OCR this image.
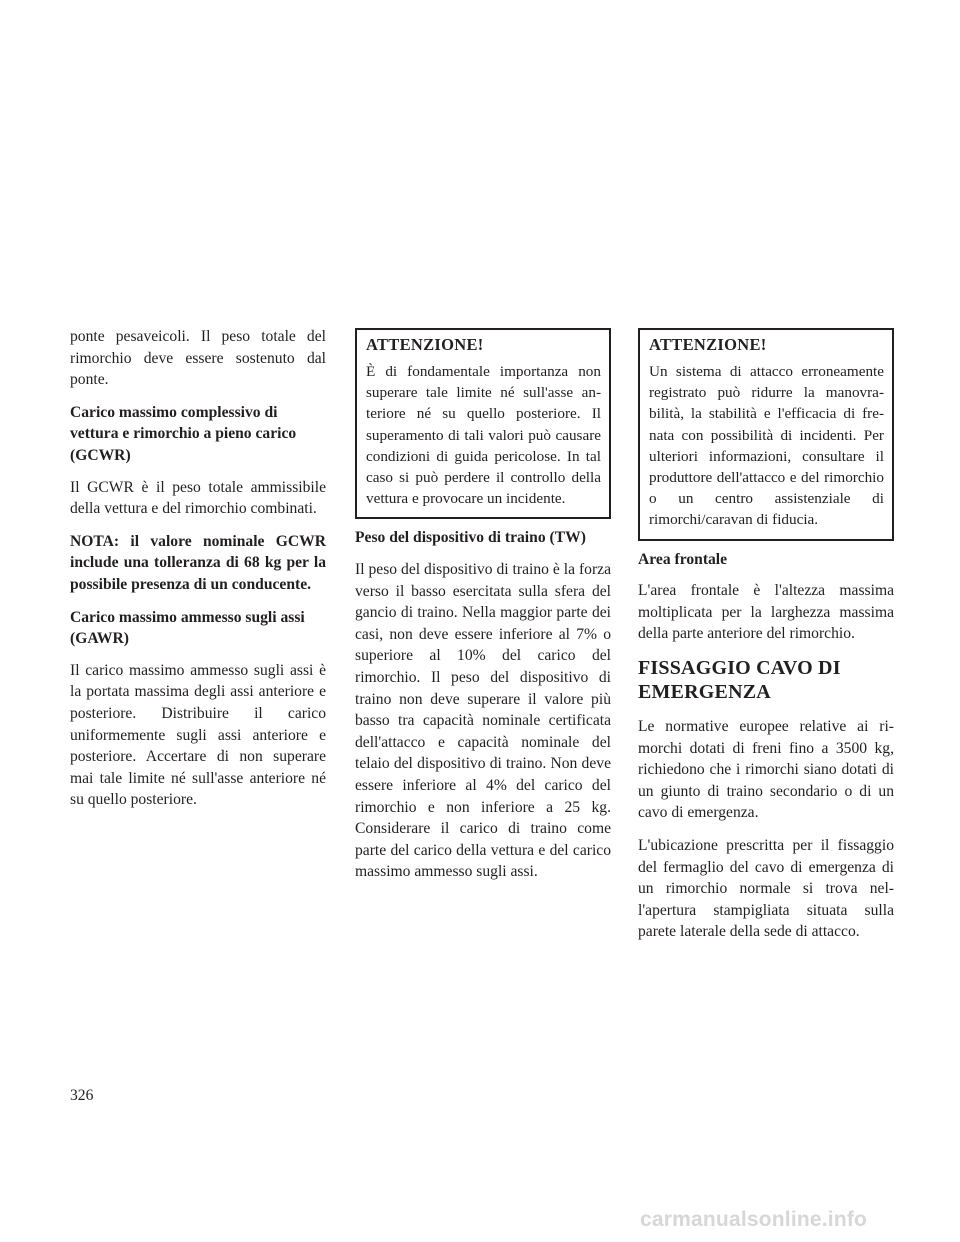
ponte pesaveicoli. Il peso totale del rimorchio deve essere sostenuto dal ponte.

Carico massimo complessivo di vettura e rimorchio a pieno carico (GCWR)

Il GCWR è il peso totale ammissibile della vettura e del rimorchio combinati.

NOTA: il valore nominale GCWR include una tolleranza di 68 kg per la possibile presenza di un conducente.

Carico massimo ammesso sugli assi (GAWR)

Il carico massimo ammesso sugli assi è la portata massima degli assi anteriore e posteriore. Distribuire il carico uniformemente sugli assi anteriore e posteriore. Accertare di non superare mai tale limite né sull'asse anteriore né su quello posteriore.

ATTENZIONE!

È di fondamentale importanza non superare tale limite né sull'asse anteriore né su quello posteriore. Il superamento di tali valori può causare condizioni di guida pericolose. In tal caso si può perdere il controllo della vettura e provocare un incidente.

Peso del dispositivo di traino (TW)

Il peso del dispositivo di traino è la forza verso il basso esercitata sulla sfera del gancio di traino. Nella maggior parte dei casi, non deve essere inferiore al 7% o superiore al 10% del carico del rimorchio. Il peso del dispositivo di traino non deve superare il valore più basso tra capacità nominale certificata dell'attacco e capacità nominale del telaio del dispositivo di traino. Non deve essere inferiore al 4% del carico del rimorchio e non inferiore a 25 kg. Considerare il carico di traino come parte del carico della vettura e del carico massimo ammesso sugli assi.

ATTENZIONE!

Un sistema di attacco erroneamente registrato può ridurre la manovrabilità, la stabilità e l'efficacia di frenata con possibilità di incidenti. Per ulteriori informazioni, consultare il produttore dell'attacco e del rimorchio o un centro assistenziale di rimorchi/caravan di fiducia.

Area frontale

L'area frontale è l'altezza massima moltiplicata per la larghezza massima della parte anteriore del rimorchio.

FISSAGGIO CAVO DI EMERGENZA

Le normative europee relative ai rimorchi dotati di freni fino a 3500 kg, richiedono che i rimorchi siano dotati di un giunto di traino secondario o di un cavo di emergenza.

L'ubicazione prescritta per il fissaggio del fermaglio del cavo di emergenza di un rimorchio normale si trova nell'apertura stampigliata situata sulla parete laterale della sede di attacco.

326
carmanualsonline.info
